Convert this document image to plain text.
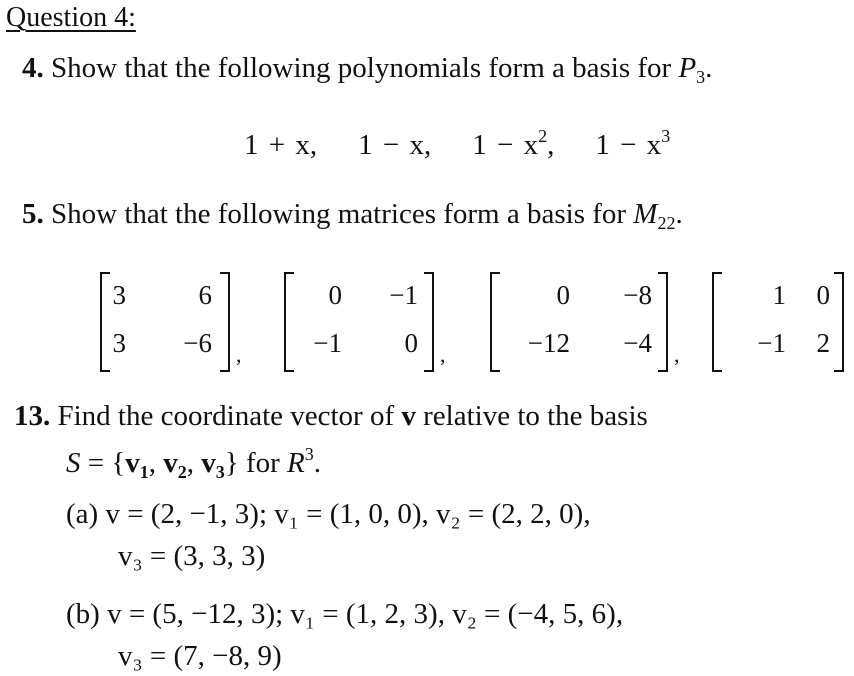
Question 4:
4. Show that the following polynomials form a basis for $P_3$.
1 + x, 1 − x, $1 - x^2$, $1 - x^3$
5. Show that the following matrices form a basis for $M_{22}$.
3	6
3 −6 ,
0 −1
−1 0 ,
0 −8
−12 −4 ,
1 0
−1 2
13. Find the coordinate vector of v relative to the basis
$S = \{v_1$, $v_2$, $v_3$} for $R^3$.
(a) v = (2, −1, 3); v₁ = (1, 0, 0), v₂ = (2, 2, 0),
v₃ = (3, 3, 3)
(b) v = (5, −12, 3); v₁ = (1, 2, 3), v₂ = (−4, 5, 6),
v₃ = (7, −8, 9)
